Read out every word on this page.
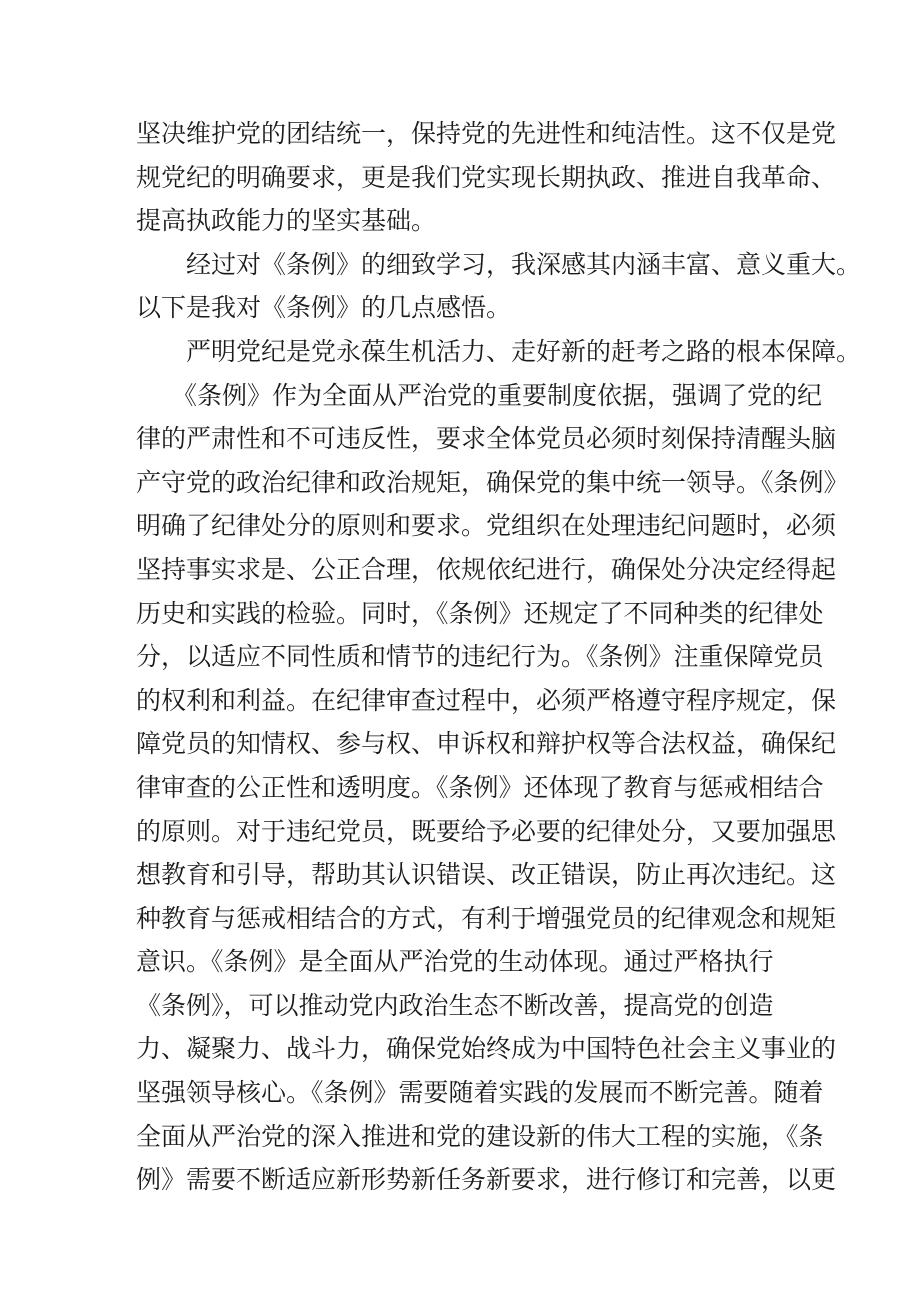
坚决维护党的团结统一，保持党的先进性和纯洁性。这不仅是党
规党纪的明确要求，更是我们党实现长期执政、推进自我革命、
提高执政能力的坚实基础。
经过对《条例》的细致学习，我深感其内涵丰富、意义重大。
以下是我对《条例》的几点感悟。
严明党纪是党永葆生机活力、走好新的赶考之路的根本保障。
《条例》作为全面从严治党的重要制度依据，强调了党的纪
律的严肃性和不可违反性，要求全体党员必须时刻保持清醒头脑
产守党的政治纪律和政治规矩，确保党的集中统一领导。《条例》
明确了纪律处分的原则和要求。党组织在处理违纪问题时，必须
坚持事实求是、公正合理，依规依纪进行，确保处分决定经得起
历史和实践的检验。同时，《条例》还规定了不同种类的纪律处
分，以适应不同性质和情节的违纪行为。《条例》注重保障党员
的权利和利益。在纪律审查过程中，必须严格遵守程序规定，保
障党员的知情权、参与权、申诉权和辩护权等合法权益，确保纪
律审查的公正性和透明度。《条例》还体现了教育与惩戒相结合
的原则。对于违纪党员，既要给予必要的纪律处分，又要加强思
想教育和引导，帮助其认识错误、改正错误，防止再次违纪。这
种教育与惩戒相结合的方式，有利于增强党员的纪律观念和规矩
意识。《条例》是全面从严治党的生动体现。通过严格执行
《条例》，可以推动党内政治生态不断改善，提高党的创造
力、凝聚力、战斗力，确保党始终成为中国特色社会主义事业的
坚强领导核心。《条例》需要随着实践的发展而不断完善。随着
全面从严治党的深入推进和党的建设新的伟大工程的实施，《条
例》需要不断适应新形势新任务新要求，进行修订和完善，以更
